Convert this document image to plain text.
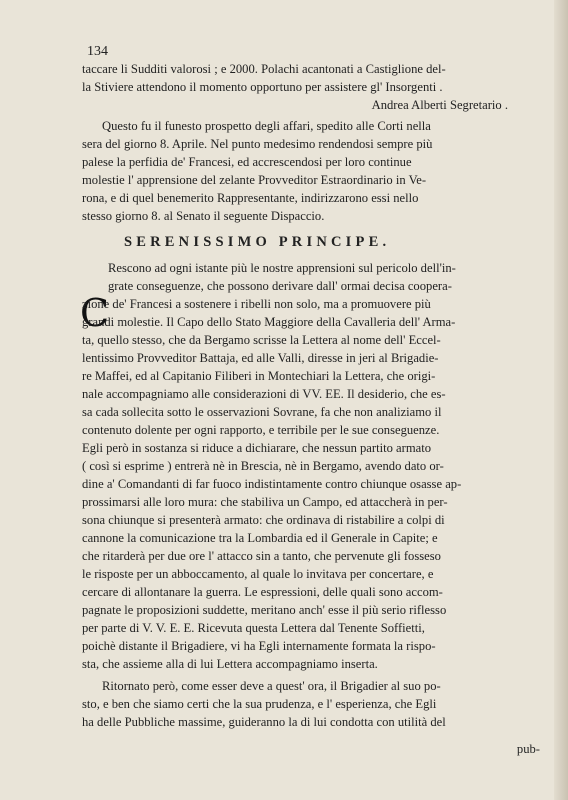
134
taccare li Sudditi valorosi ; e 2000. Polachi acantonati a Castiglione del-
la Stiviere attendono il momento opportuno per assistere gl' Insorgenti .
Andrea Alberti Segretario .
Questo fu il funesto prospetto degli affari, spedito alle Corti nella
sera del giorno 8. Aprile. Nel punto medesimo rendendosi sempre più
palese la perfidia de' Francesi, ed accrescendosi per loro continue
molestie l' apprensione del zelante Provveditor Estraordinario in Ve-
rona, e di quel benemerito Rappresentante, indirizzarono essi nello
stesso giorno 8. al Senato il seguente Dispaccio.
SERENISSIMO PRINCIPE.
C
Rescono ad ogni istante più le nostre apprensioni sul pericolo dell'in-
grate conseguenze, che possono derivare dall' ormai decisa coopera-
zione de' Francesi a sostenere i ribelli non solo, ma a promuovere più
grandi molestie. Il Capo dello Stato Maggiore della Cavalleria dell' Arma-
ta, quello stesso, che da Bergamo scrisse la Lettera al nome dell' Eccel-
lentissimo Provveditor Battaja, ed alle Valli, diresse in jeri al Brigadie-
re Maffei, ed al Capitanio Filiberi in Montechiari la Lettera, che origi-
nale accompagniamo alle considerazioni di VV. EE. Il desiderio, che es-
sa cada sollecita sotto le osservazioni Sovrane, fa che non analiziamo il
contenuto dolente per ogni rapporto, e terribile per le sue conseguenze.
Egli però in sostanza si riduce a dichiarare, che nessun partito armato
( così si esprime ) entrerà nè in Brescia, nè in Bergamo, avendo dato or-
dine a' Comandanti di far fuoco indistintamente contro chiunque osasse ap-
prossimarsi alle loro mura: che stabiliva un Campo, ed attaccherà in per-
sona chiunque si presenterà armato: che ordinava di ristabilire a colpi di
cannone la comunicazione tra la Lombardia ed il Generale in Capite; e
che ritarderà per due ore l' attacco sin a tanto, che pervenute gli fosseso
le risposte per un abboccamento, al quale lo invitava per concertare, e
cercare di allontanare la guerra. Le espressioni, delle quali sono accom-
pagnate le proposizioni suddette, meritano anch' esse il più serio riflesso
per parte di V. V. E. E. Ricevuta questa Lettera dal Tenente Soffietti,
poichè distante il Brigadiere, vi ha Egli internamente formata la rispo-
sta, che assieme alla di lui Lettera accompagniamo inserta.
Ritornato però, come esser deve a quest' ora, il Brigadier al suo po-
sto, e ben che siamo certi che la sua prudenza, e l' esperienza, che Egli
ha delle Pubbliche massime, guideranno la di lui condotta con utilità del
pub-
